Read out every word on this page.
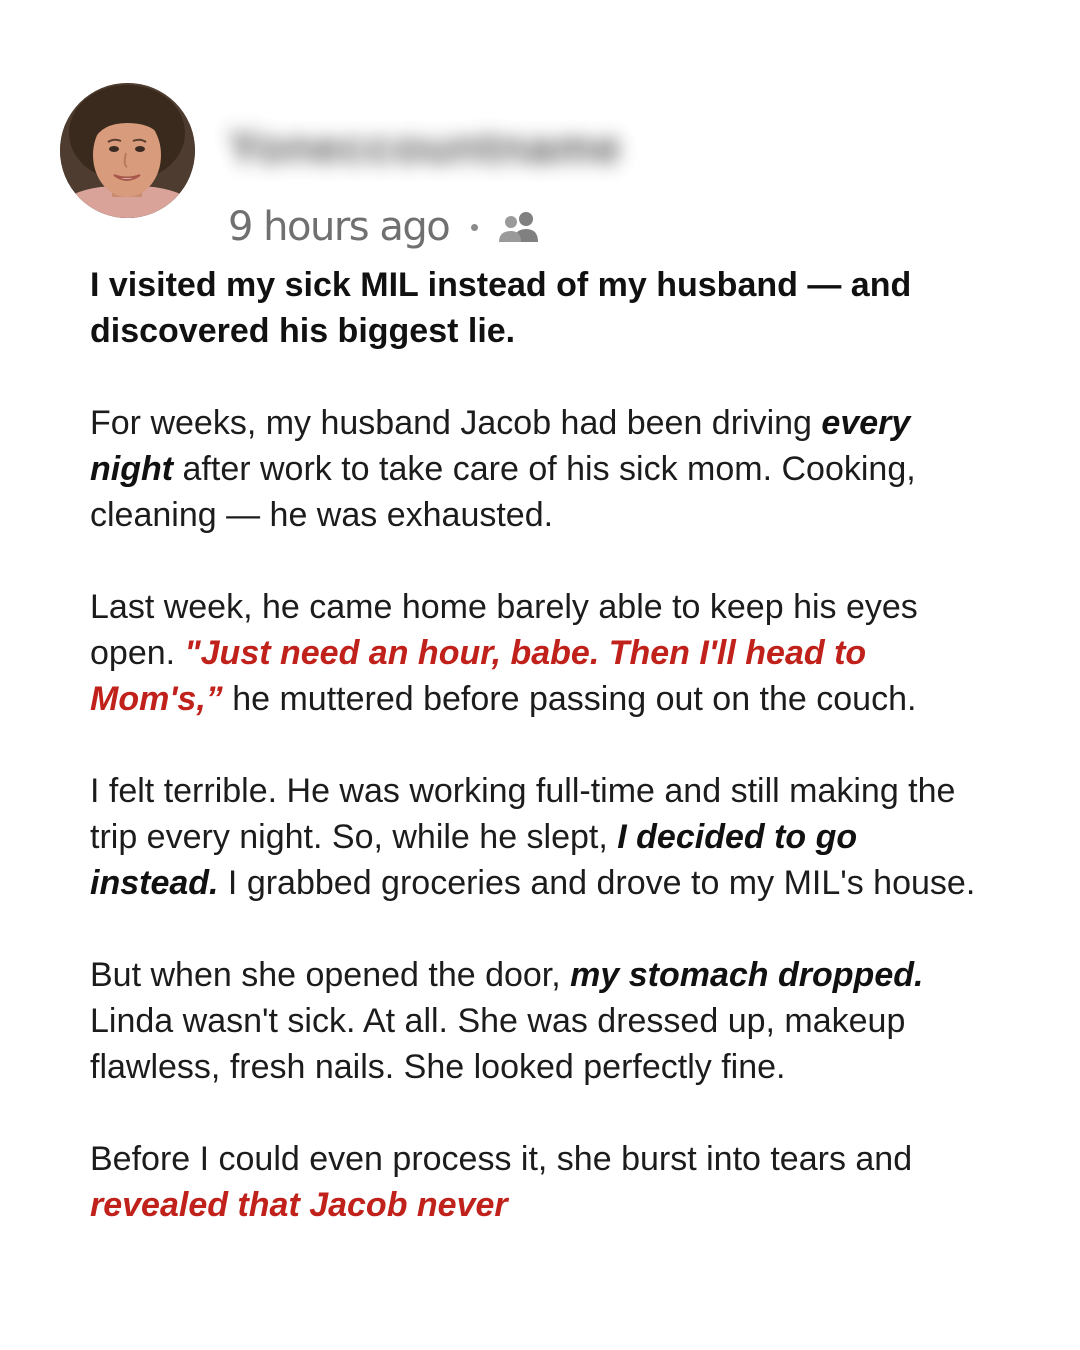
Yoneccountname
9 hours ago

I visited my sick MIL instead of my husband — and discovered his biggest lie.

For weeks, my husband Jacob had been driving every night after work to take care of his sick mom. Cooking, cleaning — he was exhausted.

Last week, he came home barely able to keep his eyes open. "Just need an hour, babe. Then I'll head to Mom's,” he muttered before passing out on the couch.

I felt terrible. He was working full-time and still making the trip every night. So, while he slept, I decided to go instead. I grabbed groceries and drove to my MIL's house.

But when she opened the door, my stomach dropped. Linda wasn't sick. At all. She was dressed up, makeup flawless, fresh nails. She looked perfectly fine.

Before I could even process it, she burst into tears and revealed that Jacob never
